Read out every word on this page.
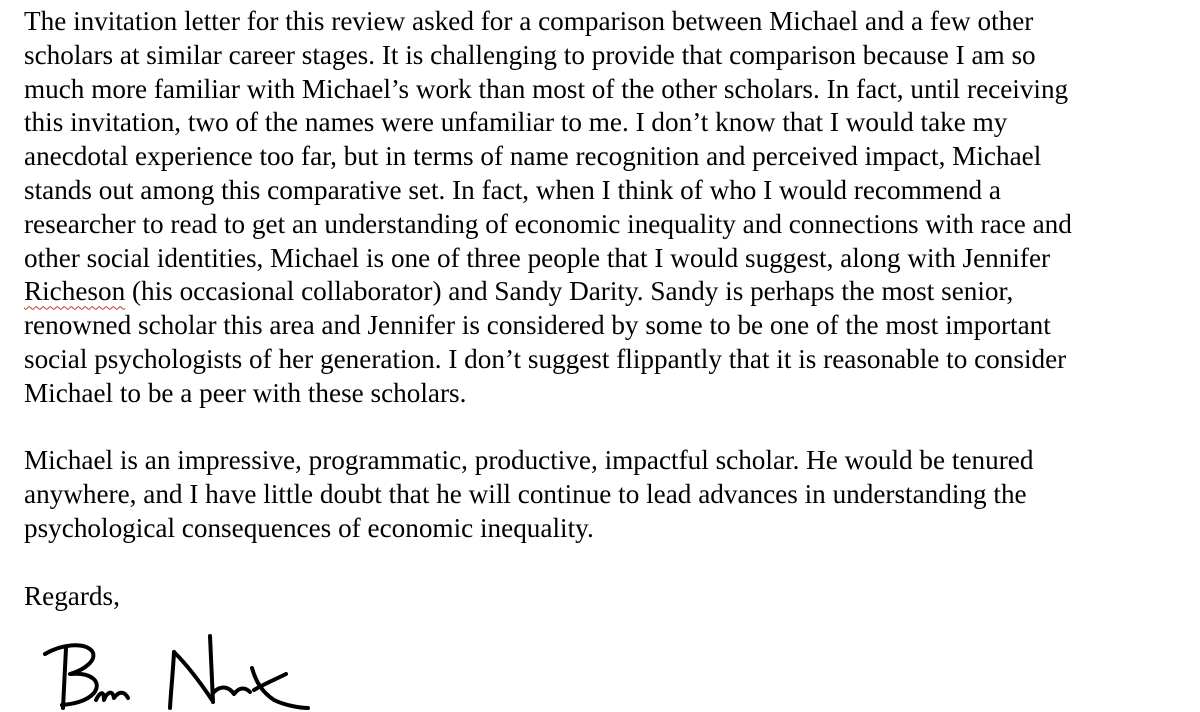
The invitation letter for this review asked for a comparison between Michael and a few other
scholars at similar career stages. It is challenging to provide that comparison because I am so
much more familiar with Michael’s work than most of the other scholars. In fact, until receiving
this invitation, two of the names were unfamiliar to me. I don’t know that I would take my
anecdotal experience too far, but in terms of name recognition and perceived impact, Michael
stands out among this comparative set. In fact, when I think of who I would recommend a
researcher to read to get an understanding of economic inequality and connections with race and
other social identities, Michael is one of three people that I would suggest, along with Jennifer
Richeson (his occasional collaborator) and Sandy Darity. Sandy is perhaps the most senior,
renowned scholar this area and Jennifer is considered by some to be one of the most important
social psychologists of her generation. I don’t suggest flippantly that it is reasonable to consider
Michael to be a peer with these scholars.
Michael is an impressive, programmatic, productive, impactful scholar. He would be tenured
anywhere, and I have little doubt that he will continue to lead advances in understanding the
psychological consequences of economic inequality.
Regards,
